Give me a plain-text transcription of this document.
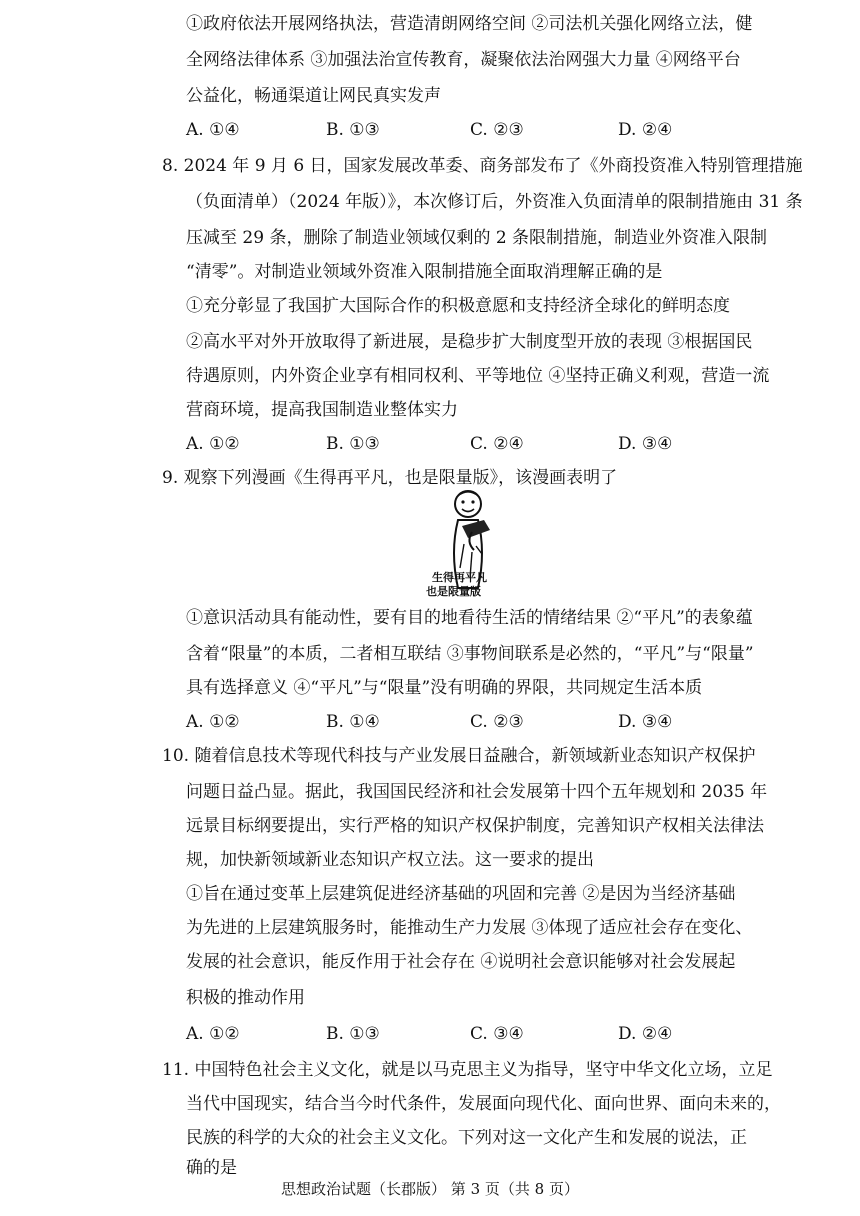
①政府依法开展网络执法，营造清朗网络空间 ②司法机关强化网络立法，健
全网络法律体系 ③加强法治宣传教育，凝聚依法治网强大力量 ④网络平台
公益化，畅通渠道让网民真实发声
A. ①④	B. ①③	C. ②③	D. ②④
8. 2024 年 9 月 6 日，国家发展改革委、商务部发布了《外商投资准入特别管理措施
（负面清单）（2024 年版）》，本次修订后，外资准入负面清单的限制措施由 31 条
压减至 29 条，删除了制造业领域仅剩的 2 条限制措施，制造业外资准入限制
“清零”。对制造业领域外资准入限制措施全面取消理解正确的是
①充分彰显了我国扩大国际合作的积极意愿和支持经济全球化的鲜明态度
②高水平对外开放取得了新进展，是稳步扩大制度型开放的表现 ③根据国民
待遇原则，内外资企业享有相同权利、平等地位 ④坚持正确义利观，营造一流
营商环境，提高我国制造业整体实力
A. ①②	B. ①③	C. ②④	D. ③④
9. 观察下列漫画《生得再平凡，也是限量版》，该漫画表明了
生得再平凡
也是限量版
①意识活动具有能动性，要有目的地看待生活的情绪结果 ②“平凡”的表象蕴
含着“限量”的本质，二者相互联结 ③事物间联系是必然的，“平凡”与“限量”
具有选择意义 ④“平凡”与“限量”没有明确的界限，共同规定生活本质
A. ①②	B. ①④	C. ②③	D. ③④
10. 随着信息技术等现代科技与产业发展日益融合，新领域新业态知识产权保护
问题日益凸显。据此，我国国民经济和社会发展第十四个五年规划和 2035 年
远景目标纲要提出，实行严格的知识产权保护制度，完善知识产权相关法律法
规，加快新领域新业态知识产权立法。这一要求的提出
①旨在通过变革上层建筑促进经济基础的巩固和完善 ②是因为当经济基础
为先进的上层建筑服务时，能推动生产力发展 ③体现了适应社会存在变化、
发展的社会意识，能反作用于社会存在 ④说明社会意识能够对社会发展起
积极的推动作用
A. ①②	B. ①③	C. ③④	D. ②④
11. 中国特色社会主义文化，就是以马克思主义为指导，坚守中华文化立场，立足
当代中国现实，结合当今时代条件，发展面向现代化、面向世界、面向未来的，
民族的科学的大众的社会主义文化。下列对这一文化产生和发展的说法，正
确的是
思想政治试题（长郡版） 第 3 页（共 8 页）
